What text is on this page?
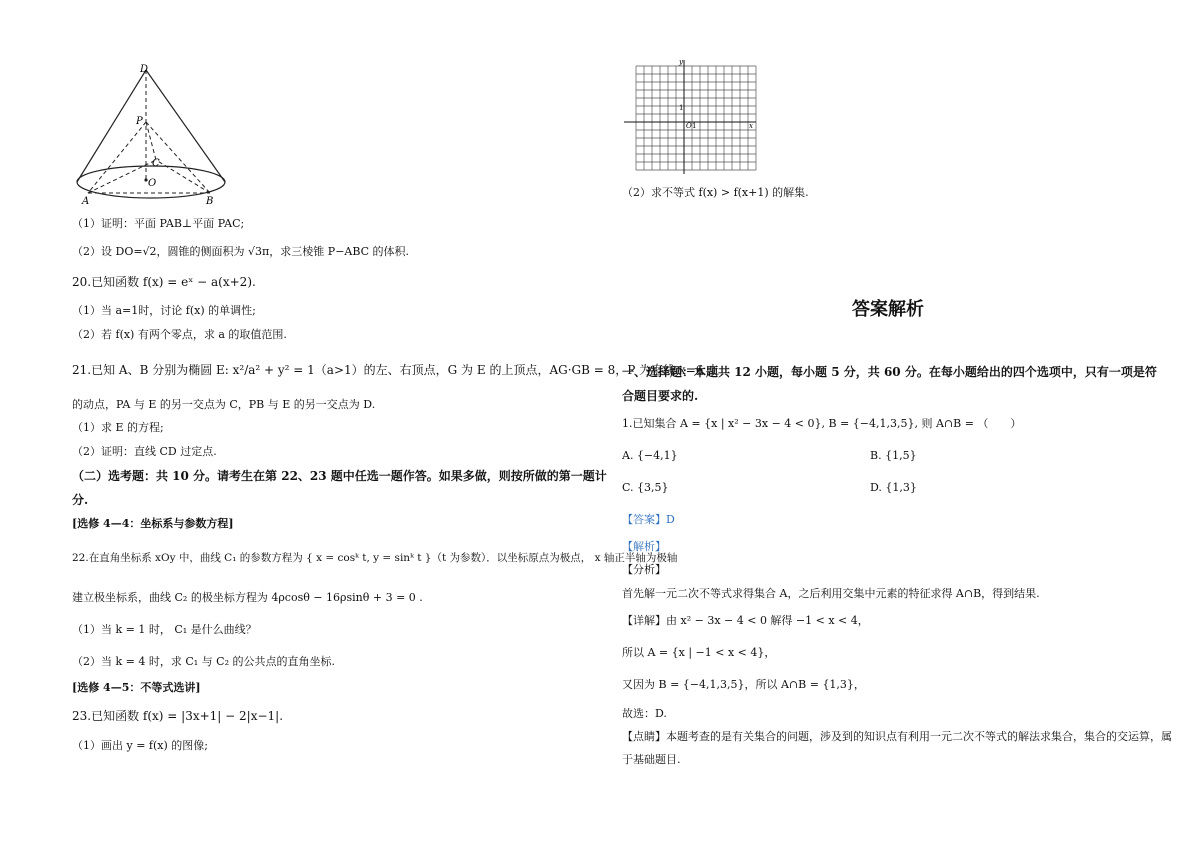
D
P
C
O
A	B
（1）证明：平面 PAB⊥平面 PAC;
（2）设 DO=√2，圆锥的侧面积为 √3π，求三棱锥 P−ABC 的体积.
20.已知函数 f(x) = eˣ − a(x+2).
（1）当 a=1时，讨论 f(x) 的单调性;
（2）若 f(x) 有两个零点，求 a 的取值范围.
21.已知 A、B 分别为椭圆 E: x²/a² + y² = 1（a>1）的左、右顶点，G 为 E 的上顶点，AG·GB = 8，P 为直线 x=6 上
的动点，PA 与 E 的另一交点为 C，PB 与 E 的另一交点为 D.
（1）求 E 的方程;
（2）证明：直线 CD 过定点.
（二）选考题：共 10 分。请考生在第 22、23 题中任选一题作答。如果多做，则按所做的第一题计
分.
[选修 4—4：坐标系与参数方程]
22.在直角坐标系 xOy 中，曲线 C₁ 的参数方程为 { x = cosᵏ t, y = sinᵏ t }（t 为参数）．以坐标原点为极点， x 轴正半轴为极轴
建立极坐标系，曲线 C₂ 的极坐标方程为 4ρcosθ − 16ρsinθ + 3 = 0 .
（1）当 k = 1 时， C₁ 是什么曲线？
（2）当 k = 4 时，求 C₁ 与 C₂ 的公共点的直角坐标.
[选修 4—5：不等式选讲]
23.已知函数 f(x) = |3x+1| − 2|x−1|.
（1）画出 y = f(x) 的图像;
y
x
1
O 1
（2）求不等式 f(x) > f(x+1) 的解集.
答案解析
一、选择题：本题共 12 小题，每小题 5 分，共 60 分。在每小题给出的四个选项中，只有一项是符
合题目要求的.
1.已知集合 A = {x | x² − 3x − 4 < 0}, B = {−4,1,3,5}, 则 A∩B = （　　）
A. {−4,1}	B. {1,5}
C. {3,5}	D. {1,3}
【答案】D
【解析】
【分析】
首先解一元二次不等式求得集合 A，之后利用交集中元素的特征求得 A∩B，得到结果.
【详解】由 x² − 3x − 4 < 0 解得 −1 < x < 4，
所以 A = {x | −1 < x < 4}，
又因为 B = {−4,1,3,5}，所以 A∩B = {1,3}，
故选：D.
【点睛】本题考查的是有关集合的问题，涉及到的知识点有利用一元二次不等式的解法求集合，集合的交运算，属
于基础题目.
